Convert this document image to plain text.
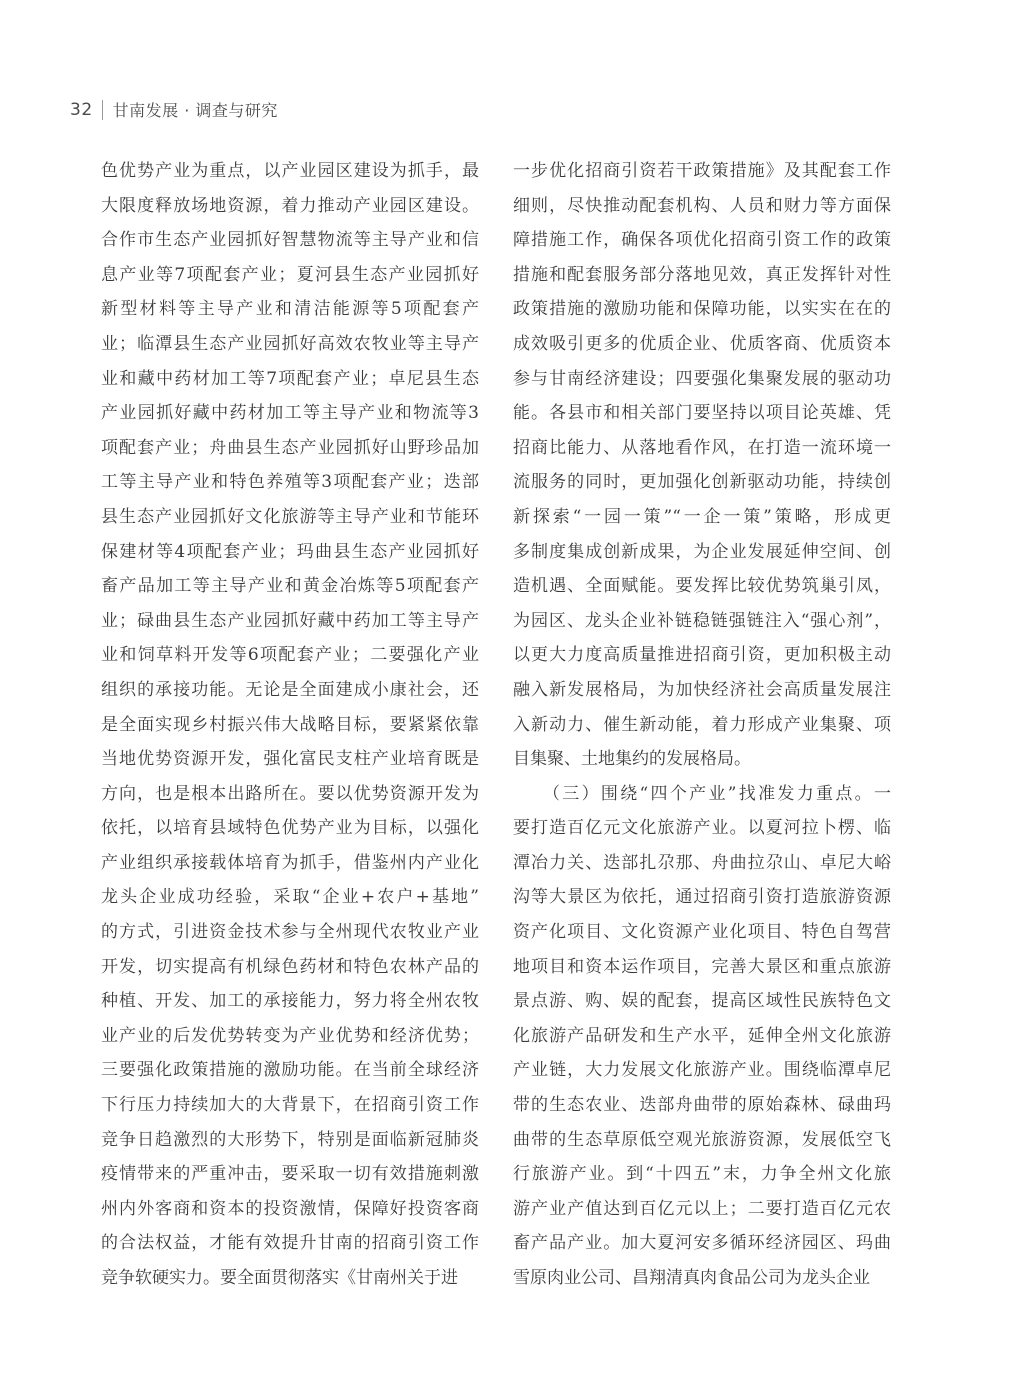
32 甘南发展 · 调查与研究
色优势产业为重点，以产业园区建设为抓手，最
大限度释放场地资源，着力推动产业园区建设。
合作市生态产业园抓好智慧物流等主导产业和信
息产业等7项配套产业；夏河县生态产业园抓好
新型材料等主导产业和清洁能源等5项配套产
业；临潭县生态产业园抓好高效农牧业等主导产
业和藏中药材加工等7项配套产业；卓尼县生态
产业园抓好藏中药材加工等主导产业和物流等3
项配套产业；舟曲县生态产业园抓好山野珍品加
工等主导产业和特色养殖等3项配套产业；迭部
县生态产业园抓好文化旅游等主导产业和节能环
保建材等4项配套产业；玛曲县生态产业园抓好
畜产品加工等主导产业和黄金冶炼等5项配套产
业；碌曲县生态产业园抓好藏中药加工等主导产
业和饲草料开发等6项配套产业；二要强化产业
组织的承接功能。无论是全面建成小康社会，还
是全面实现乡村振兴伟大战略目标，要紧紧依靠
当地优势资源开发，强化富民支柱产业培育既是
方向，也是根本出路所在。要以优势资源开发为
依托，以培育县域特色优势产业为目标，以强化
产业组织承接载体培育为抓手，借鉴州内产业化
龙头企业成功经验，采取“企业+农户+基地”
的方式，引进资金技术参与全州现代农牧业产业
开发，切实提高有机绿色药材和特色农林产品的
种植、开发、加工的承接能力，努力将全州农牧
业产业的后发优势转变为产业优势和经济优势；
三要强化政策措施的激励功能。在当前全球经济
下行压力持续加大的大背景下，在招商引资工作
竞争日趋激烈的大形势下，特别是面临新冠肺炎
疫情带来的严重冲击，要采取一切有效措施刺激
州内外客商和资本的投资激情，保障好投资客商
的合法权益，才能有效提升甘南的招商引资工作
竞争软硬实力。要全面贯彻落实《甘南州关于进
一步优化招商引资若干政策措施》及其配套工作
细则，尽快推动配套机构、人员和财力等方面保
障措施工作，确保各项优化招商引资工作的政策
措施和配套服务部分落地见效，真正发挥针对性
政策措施的激励功能和保障功能，以实实在在的
成效吸引更多的优质企业、优质客商、优质资本
参与甘南经济建设；四要强化集聚发展的驱动功
能。各县市和相关部门要坚持以项目论英雄、凭
招商比能力、从落地看作风，在打造一流环境一
流服务的同时，更加强化创新驱动功能，持续创
新探索“一园一策”“一企一策”策略，形成更
多制度集成创新成果，为企业发展延伸空间、创
造机遇、全面赋能。要发挥比较优势筑巢引凤，
为园区、龙头企业补链稳链强链注入“强心剂”，
以更大力度高质量推进招商引资，更加积极主动
融入新发展格局，为加快经济社会高质量发展注
入新动力、催生新动能，着力形成产业集聚、项
目集聚、土地集约的发展格局。
（三）围绕“四个产业”找准发力重点。一
要打造百亿元文化旅游产业。以夏河拉卜楞、临
潭冶力关、迭部扎尕那、舟曲拉尕山、卓尼大峪
沟等大景区为依托，通过招商引资打造旅游资源
资产化项目、文化资源产业化项目、特色自驾营
地项目和资本运作项目，完善大景区和重点旅游
景点游、购、娱的配套，提高区域性民族特色文
化旅游产品研发和生产水平，延伸全州文化旅游
产业链，大力发展文化旅游产业。围绕临潭卓尼
带的生态农业、迭部舟曲带的原始森林、碌曲玛
曲带的生态草原低空观光旅游资源，发展低空飞
行旅游产业。到“十四五”末，力争全州文化旅
游产业产值达到百亿元以上；二要打造百亿元农
畜产品产业。加大夏河安多循环经济园区、玛曲
雪原肉业公司、昌翔清真肉食品公司为龙头企业
